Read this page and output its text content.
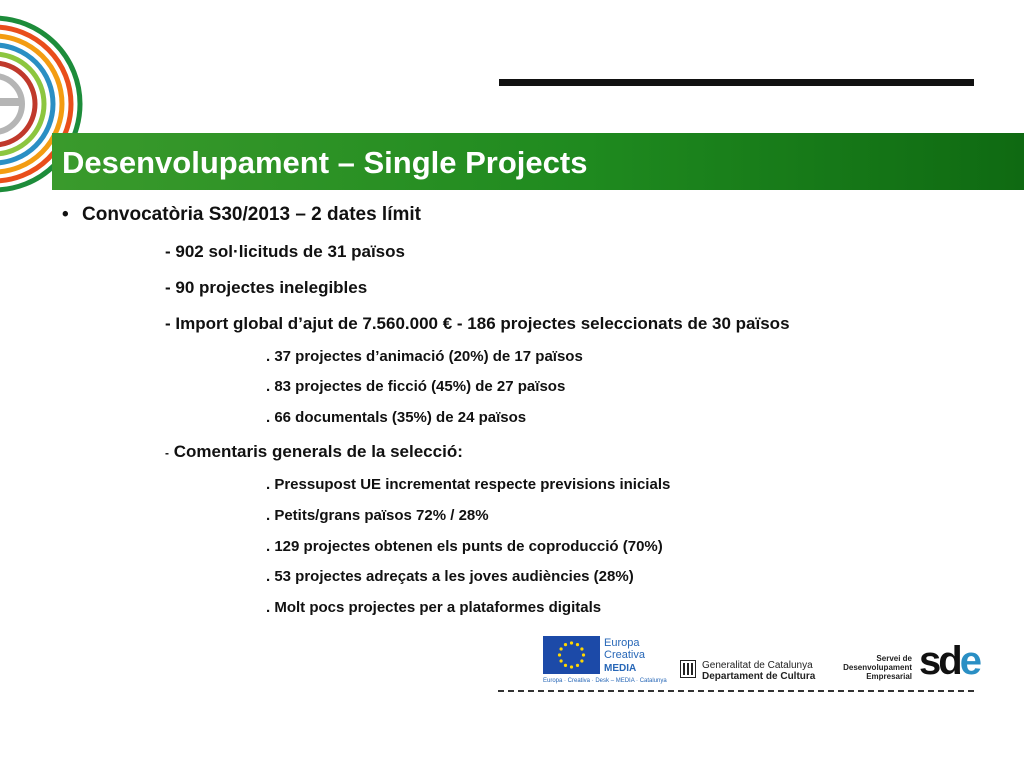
Desenvolupament – Single Projects
• Convocatòria S30/2013 – 2 dates límit
- 902 sol·licituds de 31 països
- 90 projectes inelegibles
- Import global d’ajut de 7.560.000 € - 186 projectes seleccionats de 30 països
. 37 projectes d’animació (20%) de 17 països
. 83 projectes de ficció (45%) de 27 països
. 66 documentals (35%) de 24 països
- Comentaris generals de la selecció:
. Pressupost UE incrementat respecte previsions inicials
. Petits/grans països 72% / 28%
. 129 projectes obtenen els punts de coproducció (70%)
. 53 projectes adreçats a les joves audiències (28%)
. Molt pocs projectes per a plataformes digitals
Europa
Creativa
MEDIA
Europa · Creativa · Desk – MEDIA · Catalunya
Generalitat de Catalunya
Departament de Cultura
Servei de
Desenvolupament
Empresarial sde
